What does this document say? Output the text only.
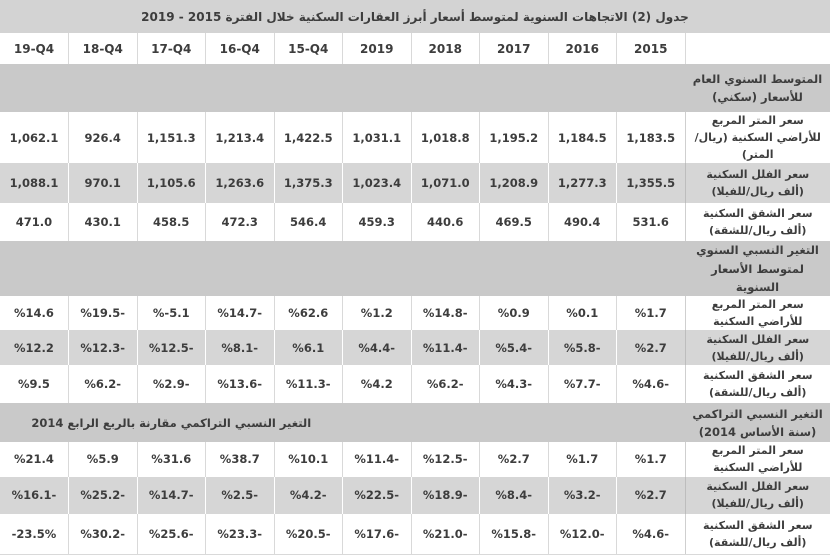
جدول (2) الاتجاهات السنوية لمتوسط أسعار أبرز العقارات السكنية خلال الفترة 2015 - 2019										
	2015	2016	2017	2018	2019	15-Q4	16-Q4	17-Q4	18-Q4	19-Q4
المتوسط السنوي العام للأسعار (سكني)										
سعر المتر المربع للأراضي السكنية (ريال/المتر)	1,183.5	1,184.5	1,195.2	1,018.8	1,031.1	1,422.5	1,213.4	1,151.3	926.4	1,062.1
سعر الفلل السكنية (ألف ريال/للفيلا)	1,355.5	1,277.3	1,208.9	1,071.0	1,023.4	1,375.3	1,263.6	1,105.6	970.1	1,088.1
سعر الشقق السكنية (ألف ريال/للشقة)	531.6	490.4	469.5	440.6	459.3	546.4	472.3	458.5	430.1	471.0
التغير النسبي السنوي لمتوسط الأسعار السنوية										
سعر المتر المربع للأراضي السكنية	%1.7	%0.1	%0.9	%14.8-	%1.2	%62.6	%14.7-	%-5.1	%19.5-	%14.6
سعر الفلل السكنية (ألف ريال/للفيلا)	%2.7	%5.8-	%5.4-	%11.4-	%4.4-	%6.1	%8.1-	%12.5-	%12.3-	%12.2
سعر الشقق السكنية (ألف ريال/للشقة)	%4.6-	%7.7-	%4.3-	%6.2-	%4.2	%11.3-	%13.6-	%2.9-	%6.2-	%9.5
التغير النسبي التراكمي (سنة الأساس 2014)						التغير النسبي التراكمي مقارنة بالربع الرابع 2014				
سعر المتر المربع للأراضي السكنية	%1.7	%1.7	%2.7	%12.5-	%11.4-	%10.1	%38.7	%31.6	%5.9	%21.4
سعر الفلل السكنية (ألف ريال/للفيلا)	%2.7	%3.2-	%8.4-	%18.9-	%22.5-	%4.2-	%2.5-	%14.7-	%25.2-	%16.1-
سعر الشقق السكنية (ألف ريال/للشقة)	%4.6-	%12.0-	%15.8-	%21.0-	%17.6-	%20.5-	%23.3-	%25.6-	%30.2-	-23.5%
